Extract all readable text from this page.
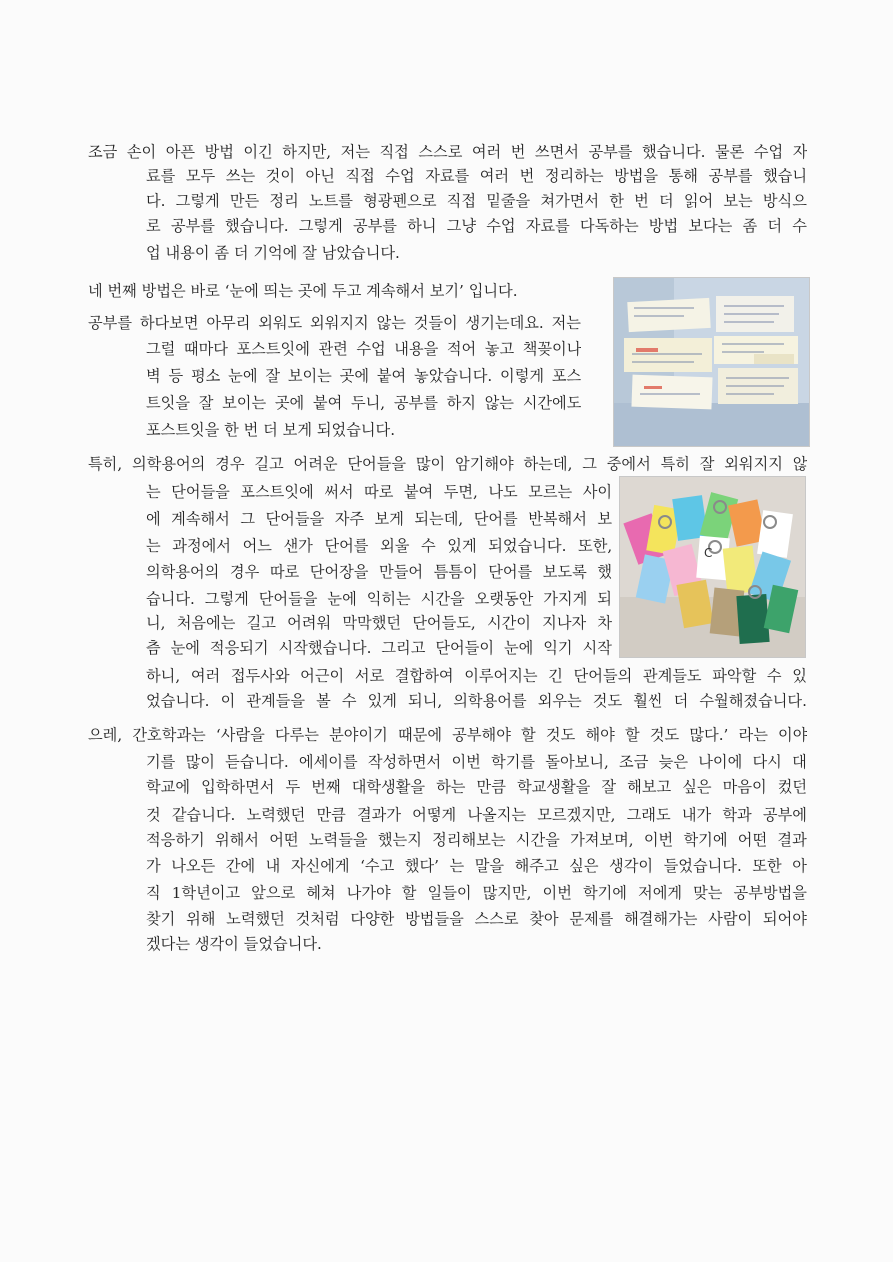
조금 손이 아픈 방법 이긴 하지만, 저는 직접 스스로 여러 번 쓰면서 공부를 했습니다. 물론 수업 자
료를 모두 쓰는 것이 아닌 직접 수업 자료를 여러 번 정리하는 방법을 통해 공부를 했습니
다. 그렇게 만든 정리 노트를 형광펜으로 직접 밑줄을 쳐가면서 한 번 더 읽어 보는 방식으
로 공부를 했습니다. 그렇게 공부를 하니 그냥 수업 자료를 다독하는 방법 보다는 좀 더 수
업 내용이 좀 더 기억에 잘 남았습니다.
네 번째 방법은 바로 ‘눈에 띄는 곳에 두고 계속해서 보기’ 입니다.
공부를 하다보면 아무리 외워도 외워지지 않는 것들이 생기는데요. 저는
그럴 때마다 포스트잇에 관련 수업 내용을 적어 놓고 책꽂이나
벽 등 평소 눈에 잘 보이는 곳에 붙여 놓았습니다. 이렇게 포스
트잇을 잘 보이는 곳에 붙여 두니, 공부를 하지 않는 시간에도
포스트잇을 한 번 더 보게 되었습니다.
특히, 의학용어의 경우 길고 어려운 단어들을 많이 암기해야 하는데, 그 중에서 특히 잘 외워지지 않
는 단어들을 포스트잇에 써서 따로 붙여 두면, 나도 모르는 사이
에 계속해서 그 단어들을 자주 보게 되는데, 단어를 반복해서 보
는 과정에서 어느 샌가 단어를 외울 수 있게 되었습니다. 또한,
의학용어의 경우 따로 단어장을 만들어 틈틈이 단어를 보도록 했
습니다. 그렇게 단어들을 눈에 익히는 시간을 오랫동안 가지게 되
니, 처음에는 길고 어려워 막막했던 단어들도, 시간이 지나자 차
츰 눈에 적응되기 시작했습니다. 그리고 단어들이 눈에 익기 시작
하니, 여러 접두사와 어근이 서로 결합하여 이루어지는 긴 단어들의 관계들도 파악할 수 있
었습니다. 이 관계들을 볼 수 있게 되니, 의학용어를 외우는 것도 훨씬 더 수월해졌습니다.
으레, 간호학과는 ‘사람을 다루는 분야이기 때문에 공부해야 할 것도 해야 할 것도 많다.’ 라는 이야
기를 많이 듣습니다. 에세이를 작성하면서 이번 학기를 돌아보니, 조금 늦은 나이에 다시 대
학교에 입학하면서 두 번째 대학생활을 하는 만큼 학교생활을 잘 해보고 싶은 마음이 컸던
것 같습니다. 노력했던 만큼 결과가 어떻게 나올지는 모르겠지만, 그래도 내가 학과 공부에
적응하기 위해서 어떤 노력들을 했는지 정리해보는 시간을 가져보며, 이번 학기에 어떤 결과
가 나오든 간에 내 자신에게 ‘수고 했다’ 는 말을 해주고 싶은 생각이 들었습니다. 또한 아
직 1학년이고 앞으로 헤쳐 나가야 할 일들이 많지만, 이번 학기에 저에게 맞는 공부방법을
찾기 위해 노력했던 것처럼 다양한 방법들을 스스로 찾아 문제를 해결해가는 사람이 되어야
겠다는 생각이 들었습니다.
C
